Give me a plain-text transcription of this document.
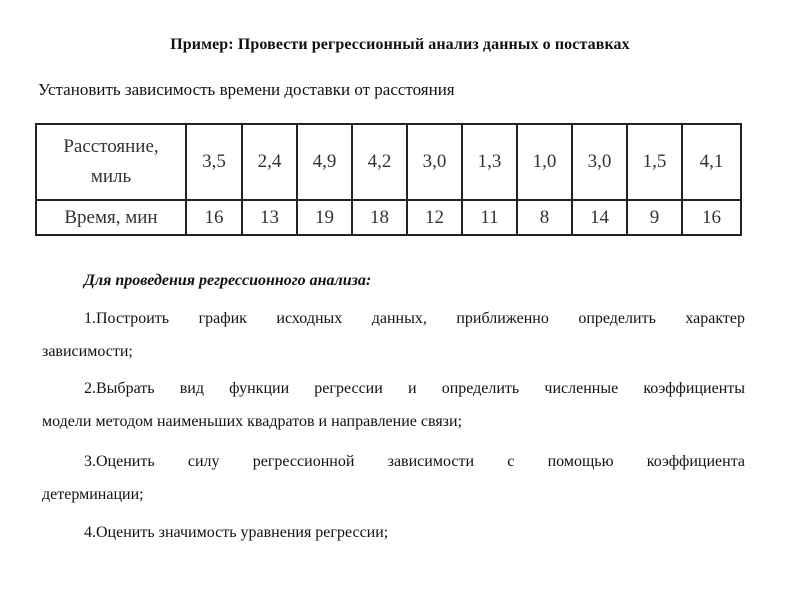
Пример: Провести регрессионный анализ данных о поставках
Установить зависимость времени доставки от расстояния
Расстояние,
миль	3,5	2,4	4,9	4,2	3,0	1,3	1,0	3,0	1,5	4,1
Время, мин	16	13	19	18	12	11	8	14	9	16
Для проведения регрессионного анализа:
1.Построить график исходных данных, приближенно определить характер
зависимости;
2.Выбрать вид функции регрессии и определить численные коэффициенты
модели методом наименьших квадратов и направление связи;
3.Оценить силу регрессионной зависимости с помощью коэффициента
детерминации;
4.Оценить значимость уравнения регрессии;
